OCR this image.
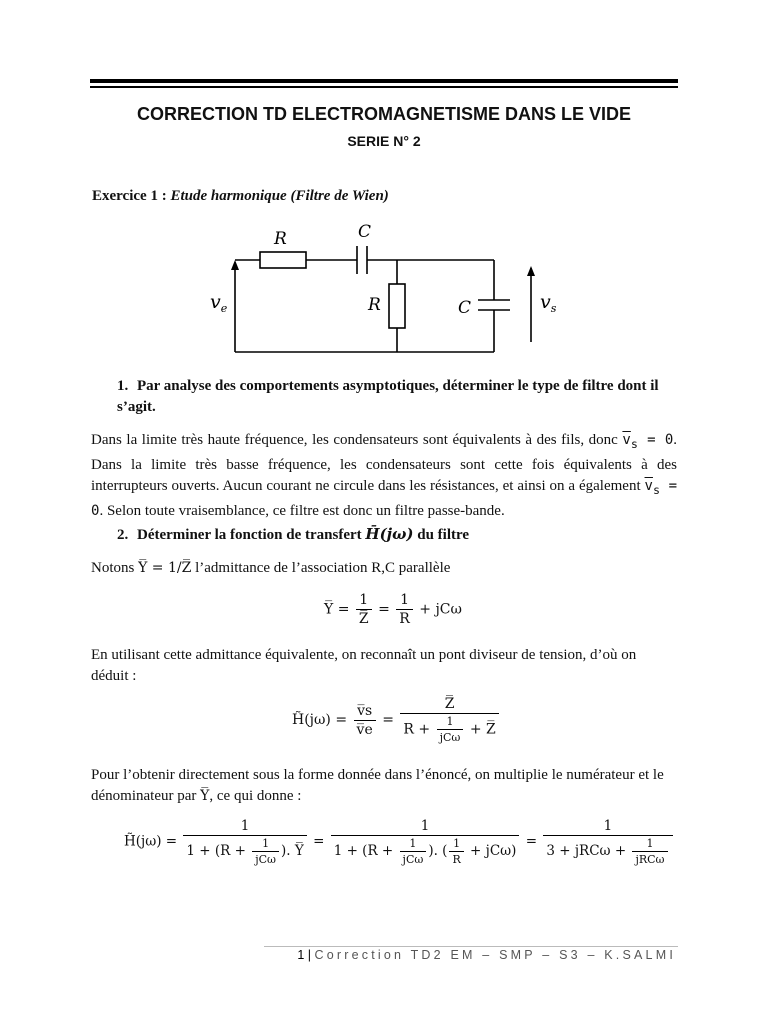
CORRECTION TD ELECTROMAGNETISME DANS LE VIDE
SERIE N° 2
Exercice 1 : Etude harmonique (Filtre de Wien)
R	C
R	C
$v_e$	$v_s$
1. Par analyse des comportements asymptotiques, déterminer le type de filtre dont il s’agit.
Dans la limite très haute fréquence, les condensateurs sont équivalents à des fils, donc $\overline{v}_s = 0$. Dans la limite très basse fréquence, les condensateurs sont cette fois équivalents à des interrupteurs ouverts. Aucun courant ne circule dans les résistances, et ainsi on a également $\overline{v}_s = 0$. Selon toute vraisemblance, ce filtre est donc un filtre passe-bande.
2. Déterminer la fonction de transfert H̄(jω) du filtre
Notons Y̅ = 1/Z̅ l’admittance de l’association R,C parallèle
Y̅ = $\frac{1}{Z̅} = \frac{1}{R} + jC\omega$
En utilisant cette admittance équivalente, on reconnaît un pont diviseur de tension, d’où on déduit :
H̃(jω) = $\frac{v̅s}{v̅e} = \frac{Z̅}{R + \frac{1}{\text{jCω}} + Z̅}$
Pour l’obtenir directement sous la forme donnée dans l’énoncé, on multiplie le numérateur et le dénominateur par Y̅, ce qui donne :
H̃(jω) = $\frac{1}{1 + (R + \frac{1}{\text{jCω}} ). Y̅} = \frac{1}{1 + (R + \frac{1}{\text{jCω}} ). ( \frac{1}{R} + jC\omega)} = \frac{1}{3 + jRC\omega + \frac{1}{\text{jRCω}}}$
1 | Correction TD2 EM – SMP – S3 – K.SALMI
